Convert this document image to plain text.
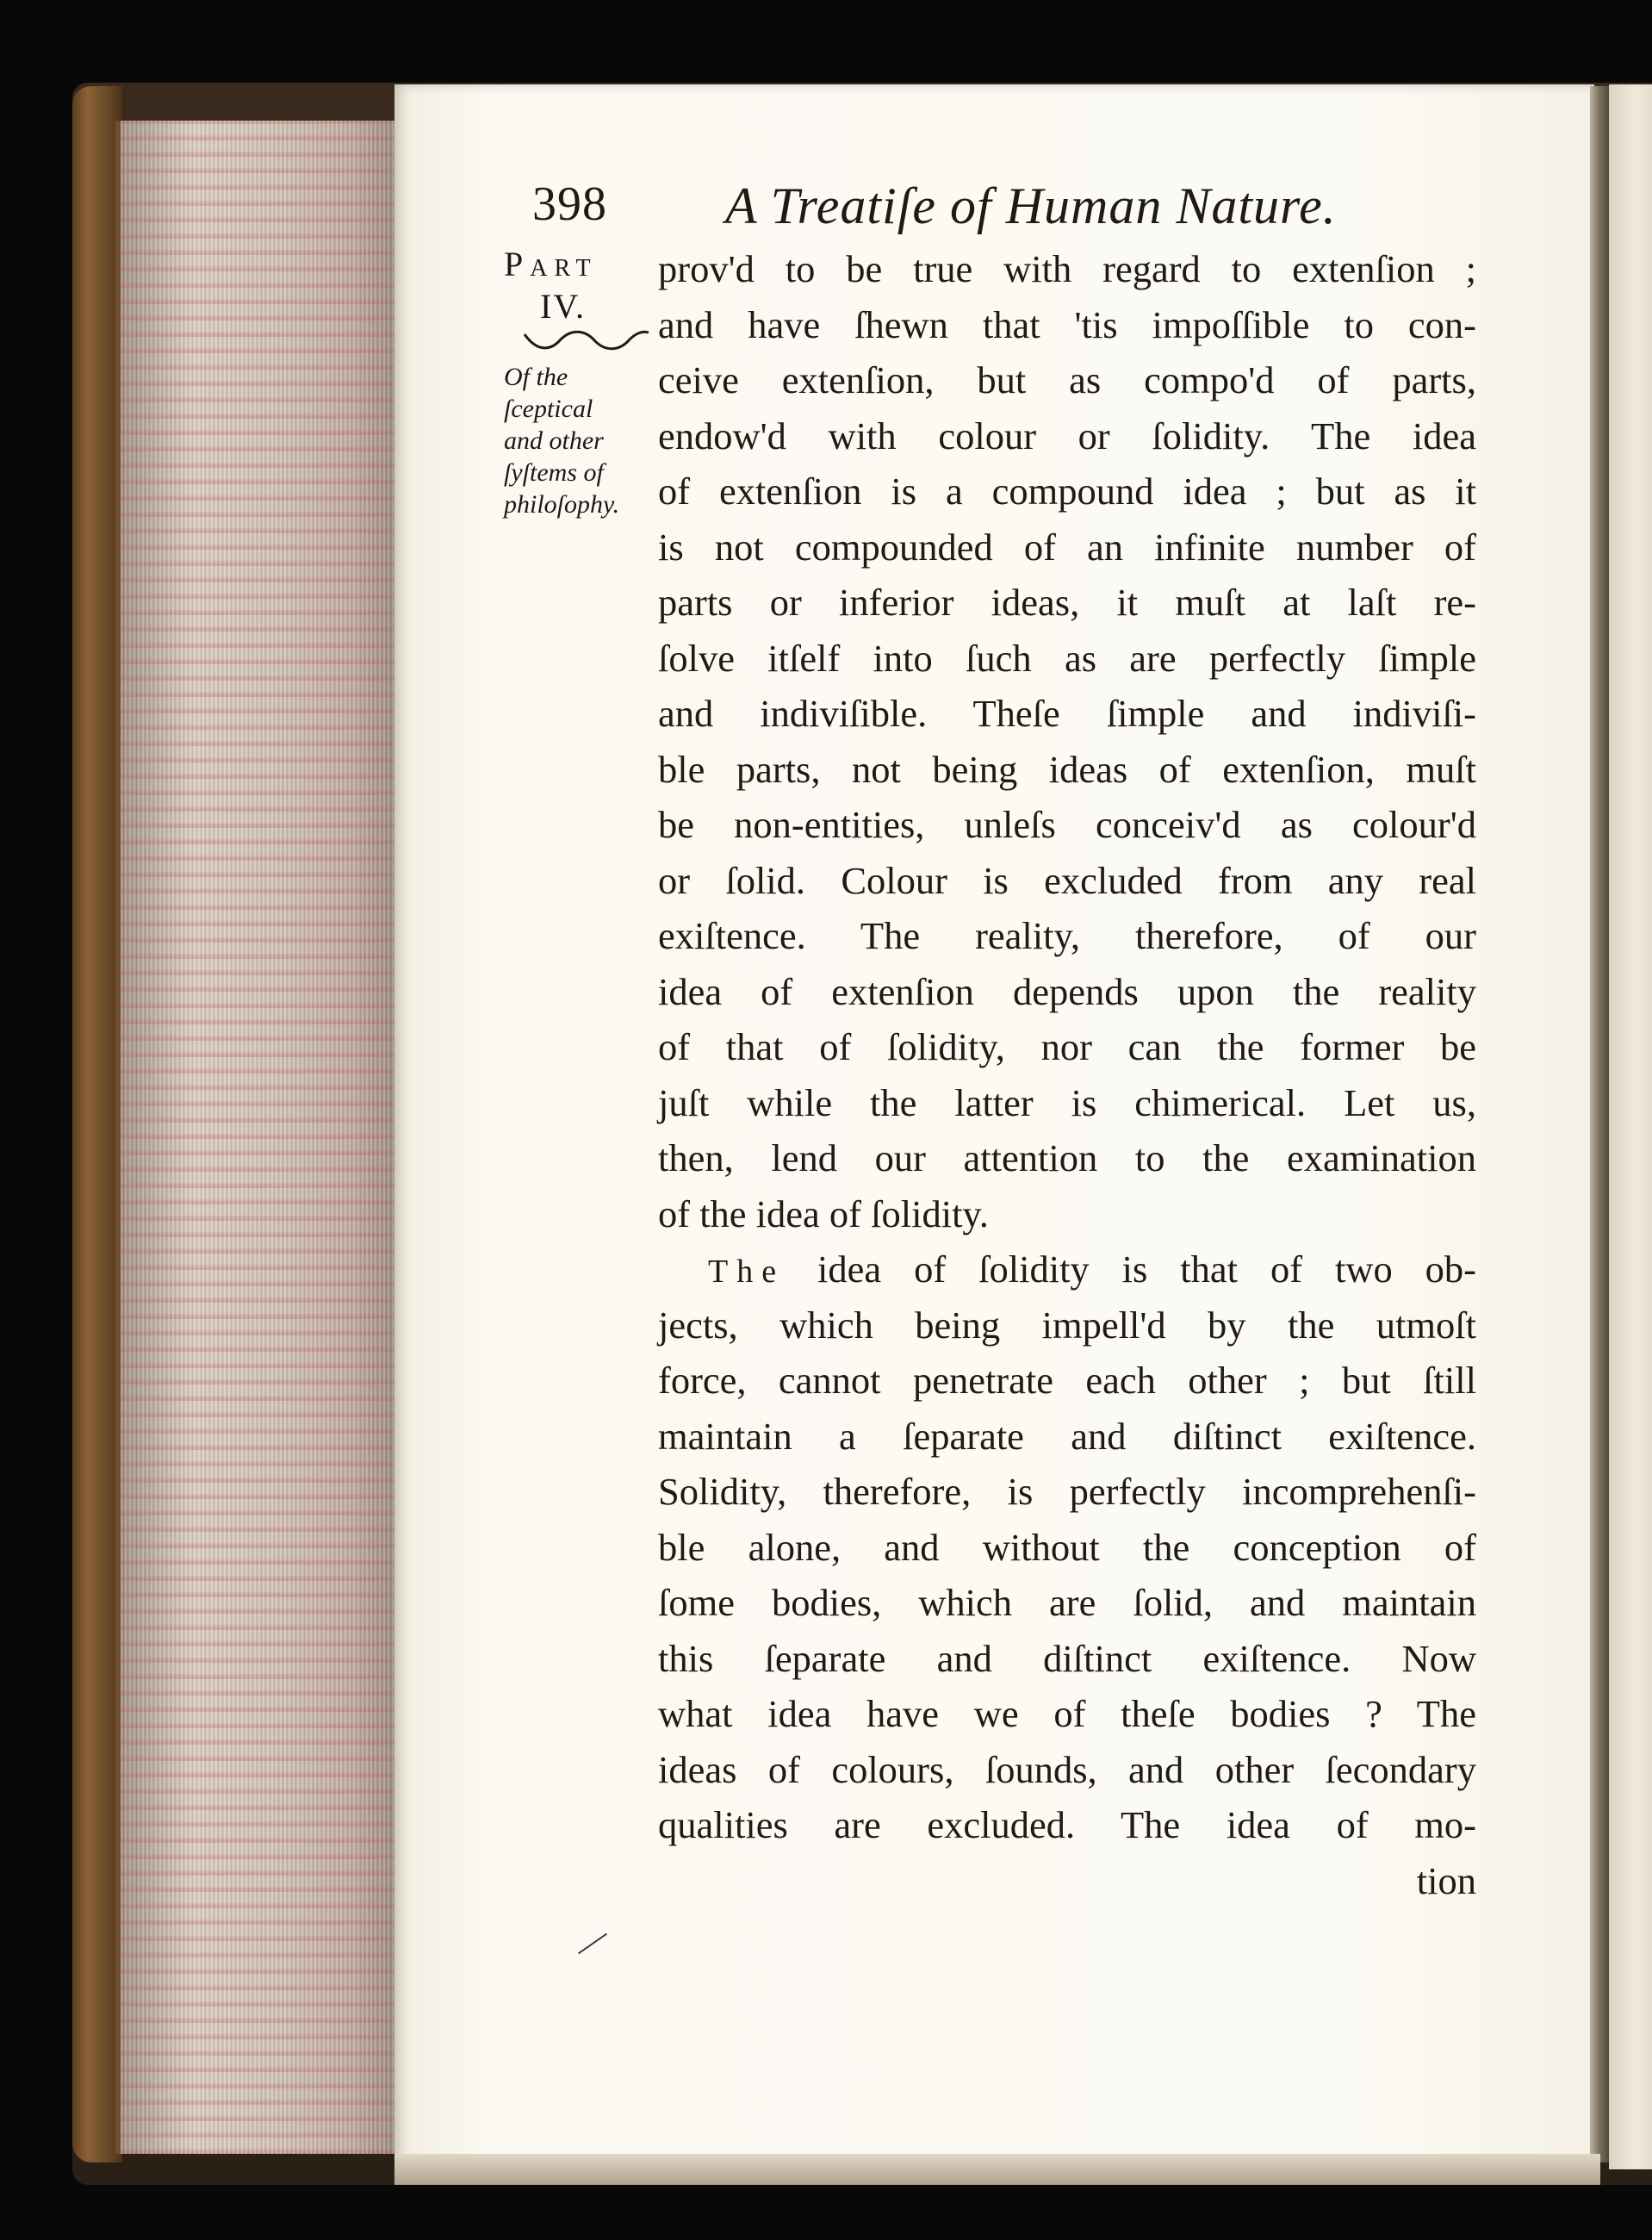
398 A Treatiſe of Human Nature.
Part
IV.
Of the
ſceptical
and other
ſyſtems of
philoſophy.
prov'd to be true with regard to extenſion ;
and have ſhewn that 'tis impoſſible to con-
ceive extenſion, but as compo'd of parts,
endow'd with colour or ſolidity. The idea
of extenſion is a compound idea ; but as it
is not compounded of an infinite number of
parts or inferior ideas, it muſt at laſt re-
ſolve itſelf into ſuch as are perfectly ſimple
and indiviſible. Theſe ſimple and indiviſi-
ble parts, not being ideas of extenſion, muſt
be non-entities, unleſs conceiv'd as colour'd
or ſolid. Colour is excluded from any real
exiſtence. The reality, therefore, of our
idea of extenſion depends upon the reality
of that of ſolidity, nor can the former be
juſt while the latter is chimerical. Let us,
then, lend our attention to the examination
of the idea of ſolidity.
The idea of ſolidity is that of two ob-
jects, which being impell'd by the utmoſt
force, cannot penetrate each other ; but ſtill
maintain a ſeparate and diſtinct exiſtence.
Solidity, therefore, is perfectly incomprehenſi-
ble alone, and without the conception of
ſome bodies, which are ſolid, and maintain
this ſeparate and diſtinct exiſtence. Now
what idea have we of theſe bodies ? The
ideas of colours, ſounds, and other ſecondary
qualities are excluded. The idea of mo-
tion
